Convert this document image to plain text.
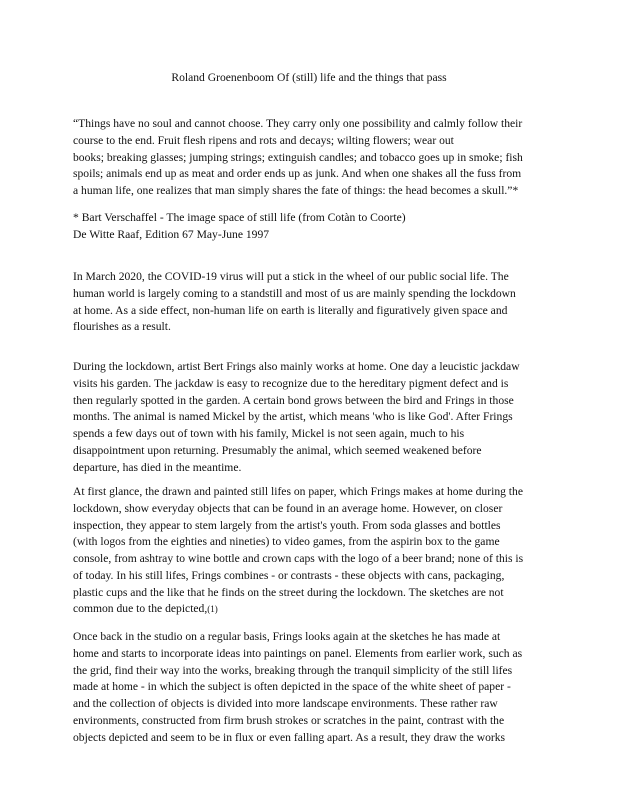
Roland Groenenboom Of (still) life and the things that pass
“Things have no soul and cannot choose. They carry only one possibility and calmly follow their
course to the end. Fruit flesh ripens and rots and decays; wilting flowers; wear out
books; breaking glasses; jumping strings; extinguish candles; and tobacco goes up in smoke; fish
spoils; animals end up as meat and order ends up as junk. And when one shakes all the fuss from
a human life, one realizes that man simply shares the fate of things: the head becomes a skull.”*
* Bart Verschaffel - The image space of still life (from Cotàn to Coorte)
De Witte Raaf, Edition 67 May-June 1997
In March 2020, the COVID-19 virus will put a stick in the wheel of our public social life. The
human world is largely coming to a standstill and most of us are mainly spending the lockdown
at home. As a side effect, non-human life on earth is literally and figuratively given space and
flourishes as a result.
During the lockdown, artist Bert Frings also mainly works at home. One day a leucistic jackdaw
visits his garden. The jackdaw is easy to recognize due to the hereditary pigment defect and is
then regularly spotted in the garden. A certain bond grows between the bird and Frings in those
months. The animal is named Mickel by the artist, which means 'who is like God'. After Frings
spends a few days out of town with his family, Mickel is not seen again, much to his
disappointment upon returning. Presumably the animal, which seemed weakened before
departure, has died in the meantime.
At first glance, the drawn and painted still lifes on paper, which Frings makes at home during the
lockdown, show everyday objects that can be found in an average home. However, on closer
inspection, they appear to stem largely from the artist's youth. From soda glasses and bottles
(with logos from the eighties and nineties) to video games, from the aspirin box to the game
console, from ashtray to wine bottle and crown caps with the logo of a beer brand; none of this is
of today. In his still lifes, Frings combines - or contrasts - these objects with cans, packaging,
plastic cups and the like that he finds on the street during the lockdown. The sketches are not
common due to the depicted,(1)
Once back in the studio on a regular basis, Frings looks again at the sketches he has made at
home and starts to incorporate ideas into paintings on panel. Elements from earlier work, such as
the grid, find their way into the works, breaking through the tranquil simplicity of the still lifes
made at home - in which the subject is often depicted in the space of the white sheet of paper -
and the collection of objects is divided into more landscape environments. These rather raw
environments, constructed from firm brush strokes or scratches in the paint, contrast with the
objects depicted and seem to be in flux or even falling apart. As a result, they draw the works
